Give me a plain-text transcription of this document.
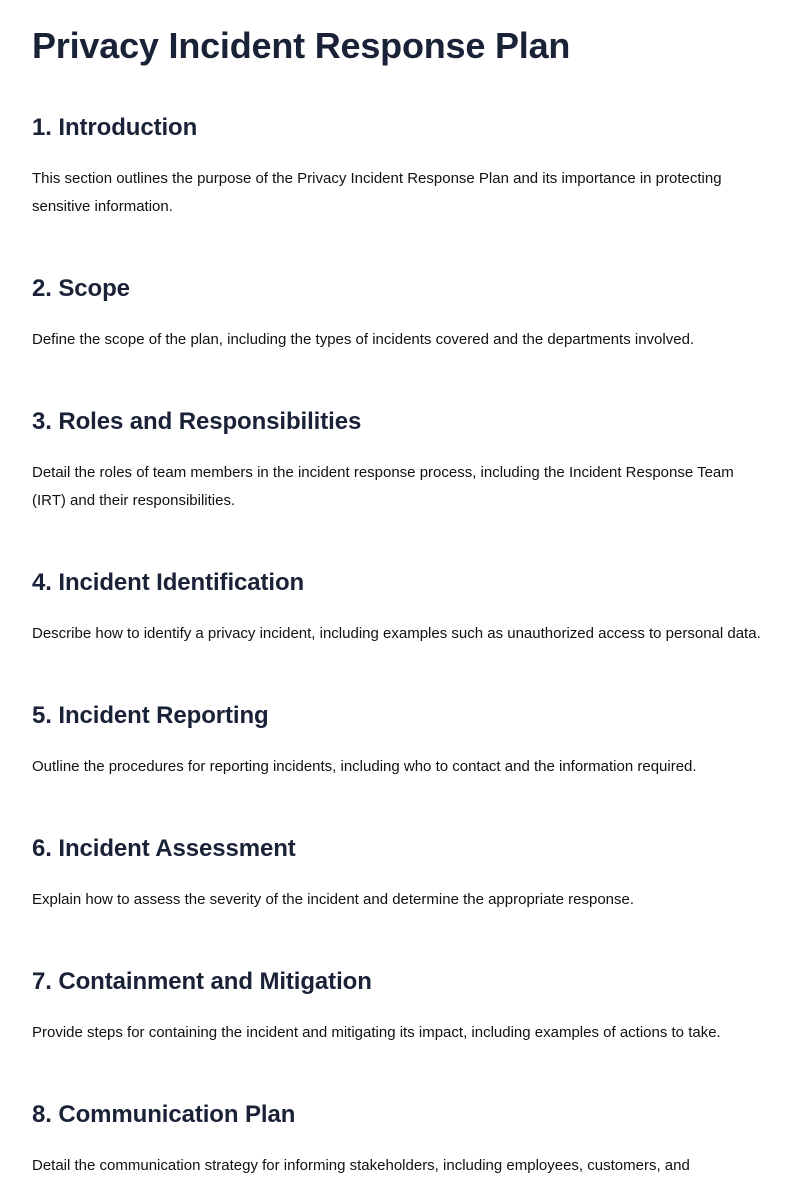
Privacy Incident Response Plan
1. Introduction

This section outlines the purpose of the Privacy Incident Response Plan and its importance in protecting sensitive information.

2. Scope

Define the scope of the plan, including the types of incidents covered and the departments involved.

3. Roles and Responsibilities

Detail the roles of team members in the incident response process, including the Incident Response Team (IRT) and their responsibilities.

4. Incident Identification

Describe how to identify a privacy incident, including examples such as unauthorized access to personal data.

5. Incident Reporting

Outline the procedures for reporting incidents, including who to contact and the information required.

6. Incident Assessment

Explain how to assess the severity of the incident and determine the appropriate response.

7. Containment and Mitigation

Provide steps for containing the incident and mitigating its impact, including examples of actions to take.

8. Communication Plan

Detail the communication strategy for informing stakeholders, including employees, customers, and
